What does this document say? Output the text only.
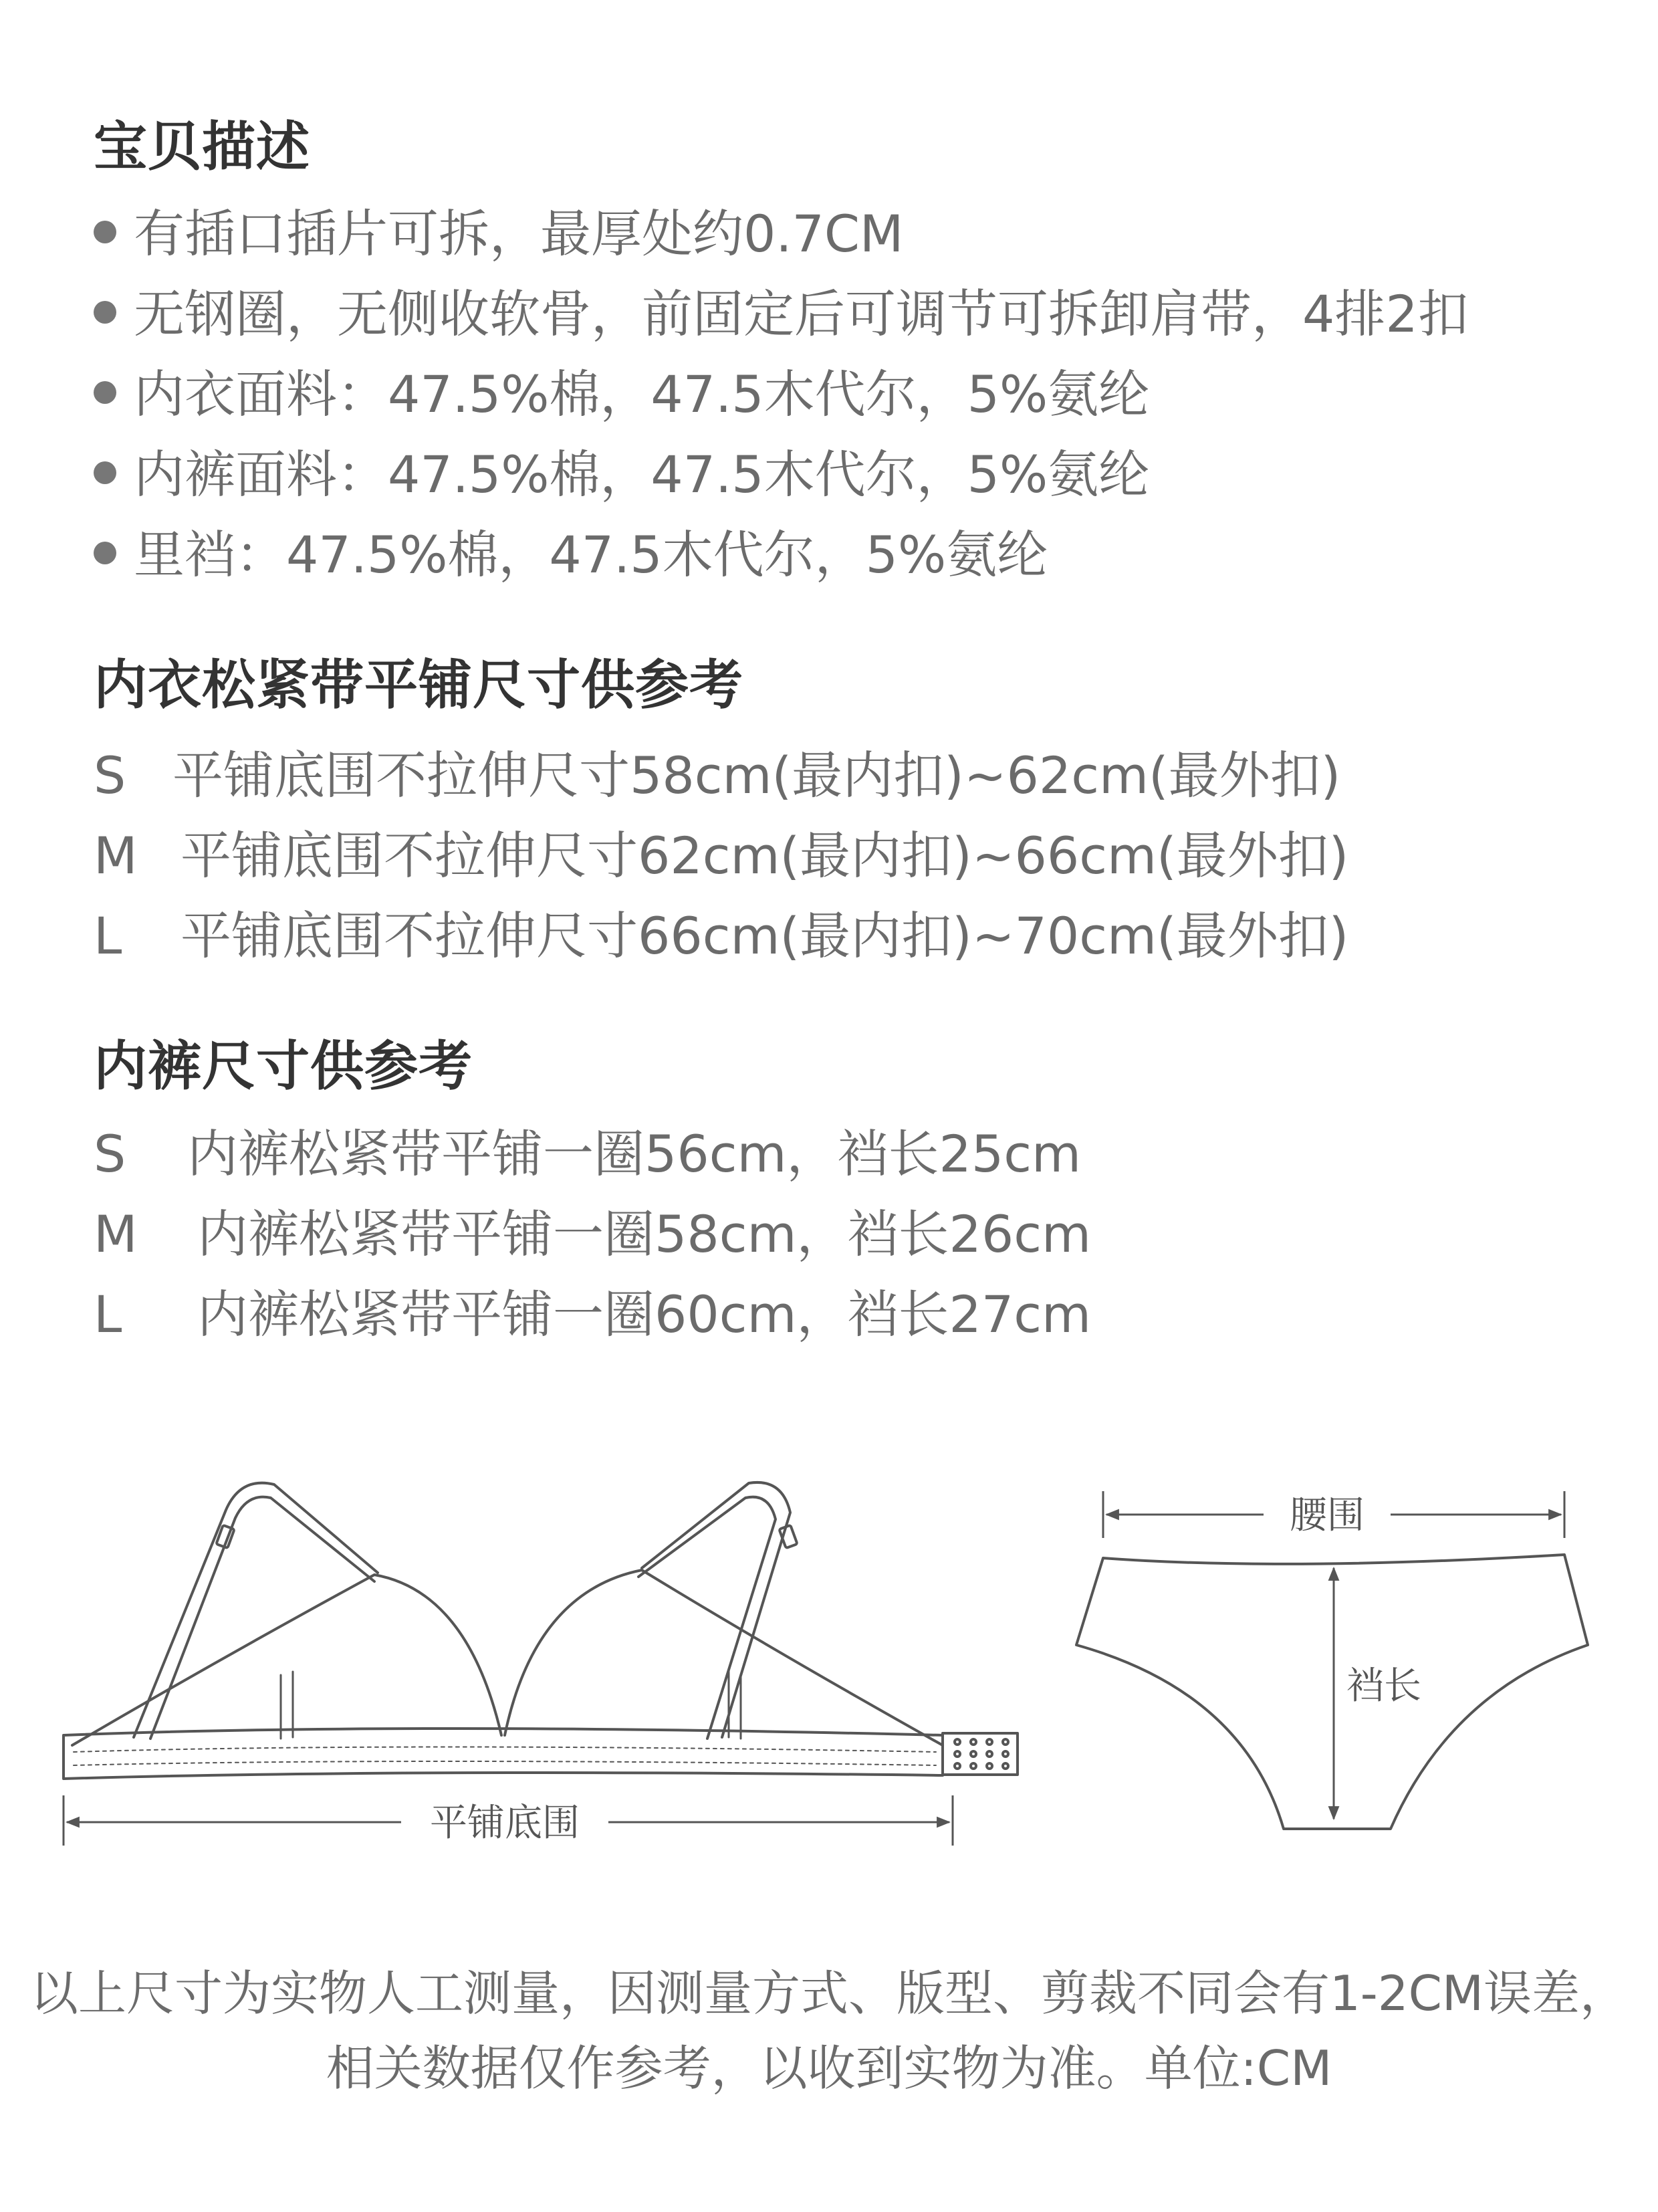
宝贝描述
有插口插片可拆，最厚处约0.7CM
无钢圈，无侧收软骨，前固定后可调节可拆卸肩带，4排2扣
内衣面料：47.5%棉，47.5木代尔，5%氨纶
内裤面料：47.5%棉，47.5木代尔，5%氨纶
里裆：47.5%棉，47.5木代尔，5%氨纶
内衣松紧带平铺尺寸供参考
S 平铺底围不拉伸尺寸58cm(最内扣)~62cm(最外扣)
M 平铺底围不拉伸尺寸62cm(最内扣)~66cm(最外扣)
L 平铺底围不拉伸尺寸66cm(最内扣)~70cm(最外扣)
内裤尺寸供参考
S 内裤松紧带平铺一圈56cm，裆长25cm
M 内裤松紧带平铺一圈58cm，裆长26cm
L 内裤松紧带平铺一圈60cm，裆长27cm
平铺底围
腰围
裆长
以上尺寸为实物人工测量，因测量方式、版型、剪裁不同会有1-2CM误差，
相关数据仅作参考，以收到实物为准。单位:CM
